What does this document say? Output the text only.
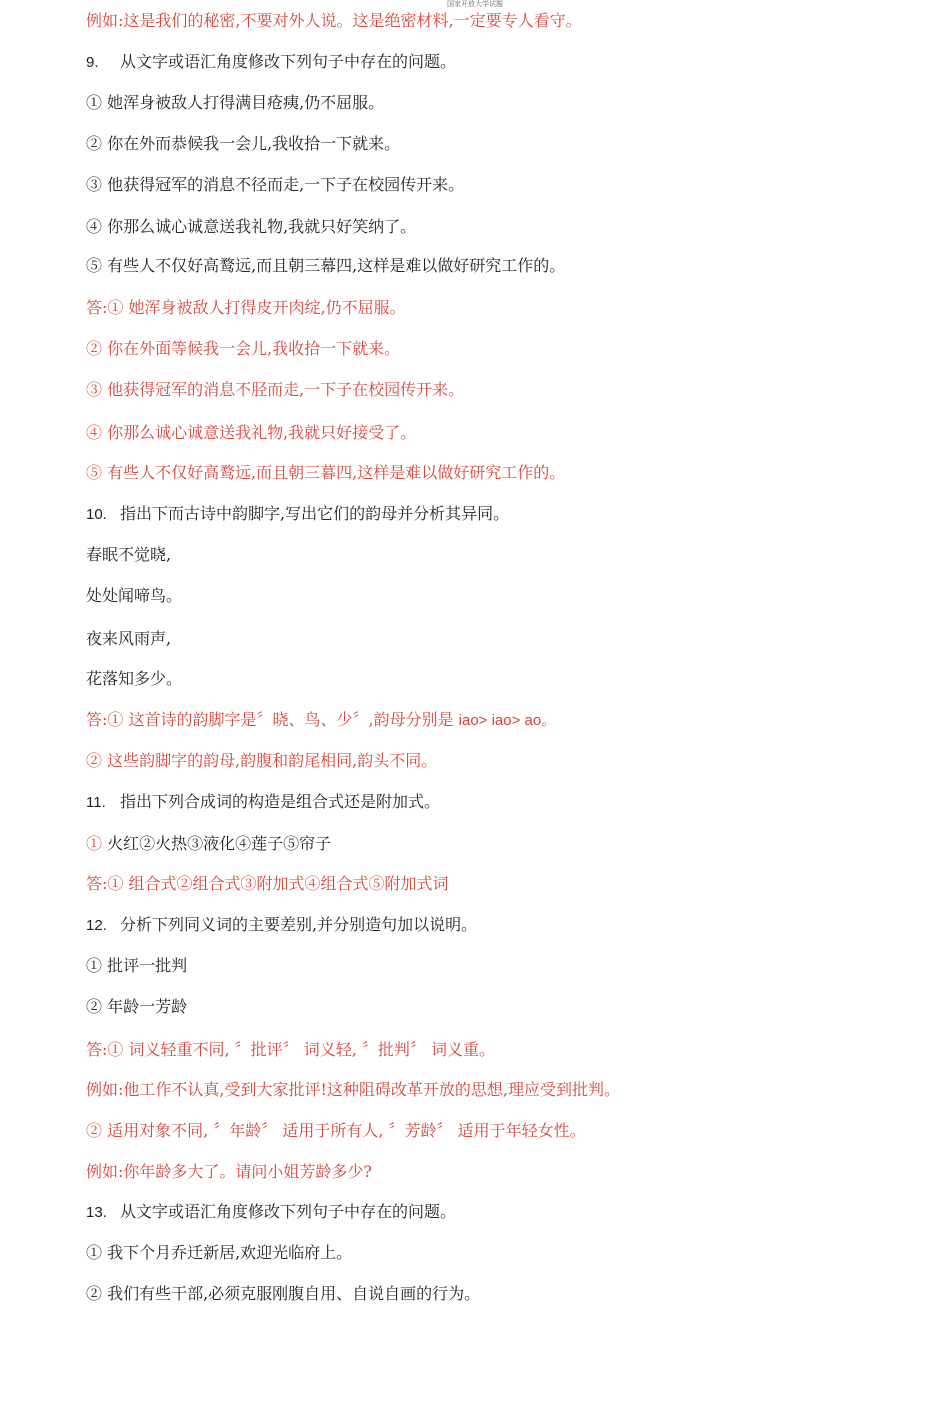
国家开放大学试题
例如:这是我们的秘密,不要对外人说。这是绝密材料,一定要专人看守。
9. 从文字或语汇角度修改下列句子中存在的问题。
① 她浑身被敌人打得满目疮痍,仍不屈服。
② 你在外而恭候我一会儿,我收拾一下就来。
③ 他获得冠军的消息不径而走,一下子在校园传开来。
④ 你那么诚心诚意送我礼物,我就只好笑纳了。
⑤ 有些人不仅好高鹜远,而且朝三幕四,这样是难以做好研究工作的。
答:① 她浑身被敌人打得皮开肉绽,仍不屈服。
② 你在外面等候我一会儿,我收拾一下就来。
③ 他获得冠军的消息不胫而走,一下子在校园传开来。
④ 你那么诚心诚意送我礼物,我就只好接受了。
⑤ 有些人不仅好高鹜远,而且朝三暮四,这样是难以做好研究工作的。
10. 指出下而古诗中韵脚字,写出它们的韵母并分析其异同。
春眠不觉晓,
处处闻啼鸟。
夜来风雨声,
花落知多少。
答:① 这首诗的韵脚字是〞晓、鸟、少〞,韵母分别是 iao> iao> ao。
② 这些韵脚字的韵母,韵腹和韵尾相同,韵头不同。
11. 指出下列合成词的构造是组合式还是附加式。
① 火红②火热③液化④莲子⑤帘子
答:① 组合式②组合式③附加式④组合式⑤附加式词
12. 分析下列同义词的主要差别,并分别造句加以说明。
① 批评一批判
② 年龄一芳龄
答:① 词义轻重不同, 〞批评〞 词义轻, 〞批判〞 词义重。
例如:他工作不认真,受到大家批评!这种阻碍改革开放的思想,理应受到批判。
② 适用对象不同, 〞年龄〞 适用于所有人, 〞芳龄〞 适用于年轻女性。
例如:你年龄多大了。请问小姐芳龄多少?
13. 从文字或语汇角度修改下列句子中存在的问题。
① 我下个月乔迁新居,欢迎光临府上。
② 我们有些干部,必须克服刚腹自用、自说自画的行为。
